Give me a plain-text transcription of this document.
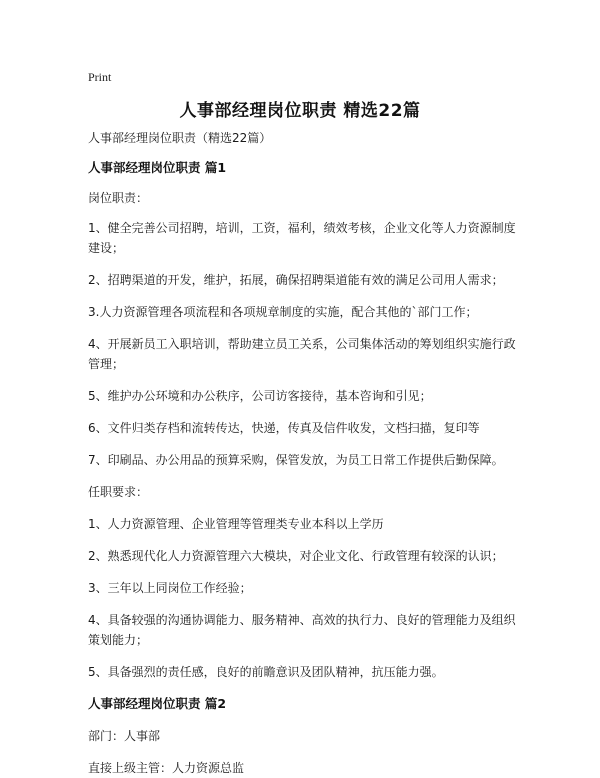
Print
人事部经理岗位职责 精选22篇

人事部经理岗位职责（精选22篇）

人事部经理岗位职责 篇1

岗位职责：

1、健全完善公司招聘，培训，工资，福利，绩效考核，企业文化等人力资源制度建设；

2、招聘渠道的开发，维护，拓展，确保招聘渠道能有效的满足公司用人需求；

3.人力资源管理各项流程和各项规章制度的实施，配合其他的`部门工作；

4、开展新员工入职培训，帮助建立员工关系，公司集体活动的筹划组织实施行政管理；

5、维护办公环境和办公秩序，公司访客接待，基本咨询和引见；

6、文件归类存档和流转传达，快递，传真及信件收发，文档扫描，复印等

7、印刷品、办公用品的预算采购，保管发放，为员工日常工作提供后勤保障。

任职要求：

1、人力资源管理、企业管理等管理类专业本科以上学历

2、熟悉现代化人力资源管理六大模块，对企业文化、行政管理有较深的认识；

3、三年以上同岗位工作经验；

4、具备较强的沟通协调能力、服务精神、高效的执行力、良好的管理能力及组织策划能力；

5、具备强烈的责任感，良好的前瞻意识及团队精神，抗压能力强。

人事部经理岗位职责 篇2

部门：人事部

直接上级主管：人力资源总监
